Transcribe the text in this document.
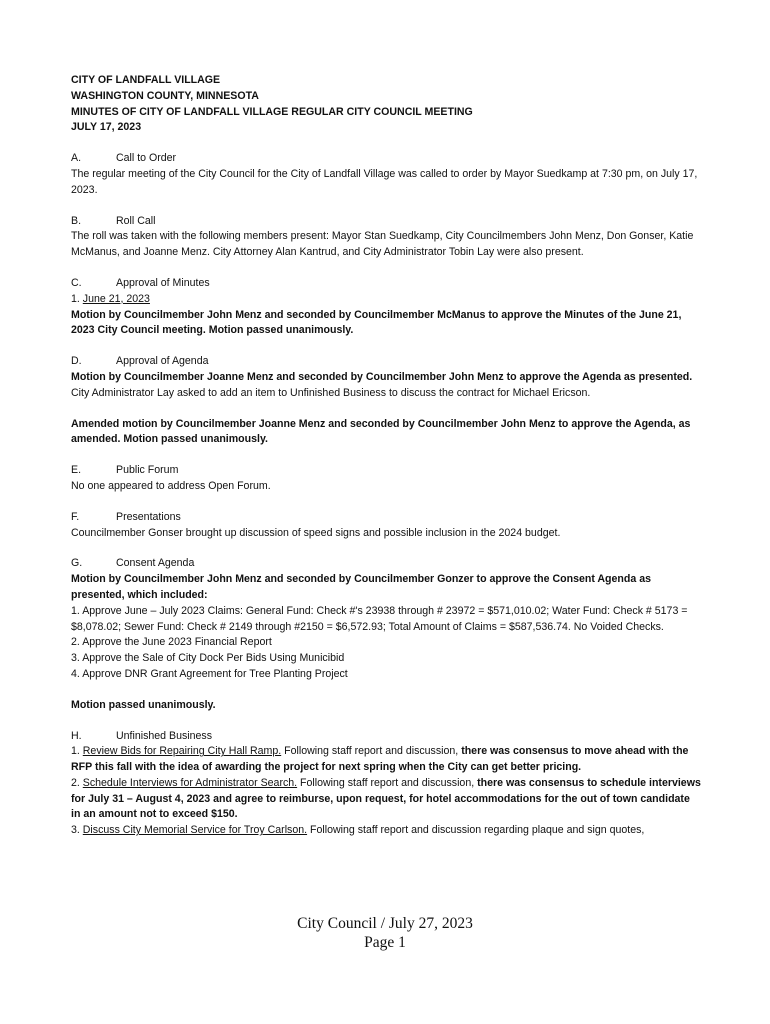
CITY OF LANDFALL VILLAGE
WASHINGTON COUNTY, MINNESOTA
MINUTES OF CITY OF LANDFALL VILLAGE REGULAR CITY COUNCIL MEETING
JULY 17, 2023
A.	Call to Order

The regular meeting of the City Council for the City of Landfall Village was called to order by Mayor Suedkamp at 7:30 pm, on July 17, 2023.

B.	Roll Call

The roll was taken with the following members present: Mayor Stan Suedkamp, City Councilmembers John Menz, Don Gonser, Katie McManus, and Joanne Menz. City Attorney Alan Kantrud, and City Administrator Tobin Lay were also present.

C.	Approval of Minutes

1. June 21, 2023

Motion by Councilmember John Menz and seconded by Councilmember McManus to approve the Minutes of the June 21, 2023 City Council meeting. Motion passed unanimously.

D.	Approval of Agenda

Motion by Councilmember Joanne Menz and seconded by Councilmember John Menz to approve the Agenda as presented.

City Administrator Lay asked to add an item to Unfinished Business to discuss the contract for Michael Ericson.

Amended motion by Councilmember Joanne Menz and seconded by Councilmember John Menz to approve the Agenda, as amended. Motion passed unanimously.

E.	Public Forum

No one appeared to address Open Forum.

F.	Presentations

Councilmember Gonser brought up discussion of speed signs and possible inclusion in the 2024 budget.

G.	Consent Agenda

Motion by Councilmember John Menz and seconded by Councilmember Gonzer to approve the Consent Agenda as presented, which included:

1. Approve June – July 2023 Claims: General Fund: Check #'s 23938 through # 23972 = $571,010.02; Water Fund: Check # 5173 = $8,078.02; Sewer Fund: Check # 2149 through #2150 = $6,572.93; Total Amount of Claims = $587,536.74. No Voided Checks.

2. Approve the June 2023 Financial Report

3. Approve the Sale of City Dock Per Bids Using Municibid

4. Approve DNR Grant Agreement for Tree Planting Project

Motion passed unanimously.

H.	Unfinished Business

1. Review Bids for Repairing City Hall Ramp. Following staff report and discussion, there was consensus to move ahead with the RFP this fall with the idea of awarding the project for next spring when the City can get better pricing.

2. Schedule Interviews for Administrator Search. Following staff report and discussion, there was consensus to schedule interviews for July 31 – August 4, 2023 and agree to reimburse, upon request, for hotel accommodations for the out of town candidate in an amount not to exceed $150.

3. Discuss City Memorial Service for Troy Carlson. Following staff report and discussion regarding plaque and sign quotes,

City Council / July 27, 2023
Page 1
